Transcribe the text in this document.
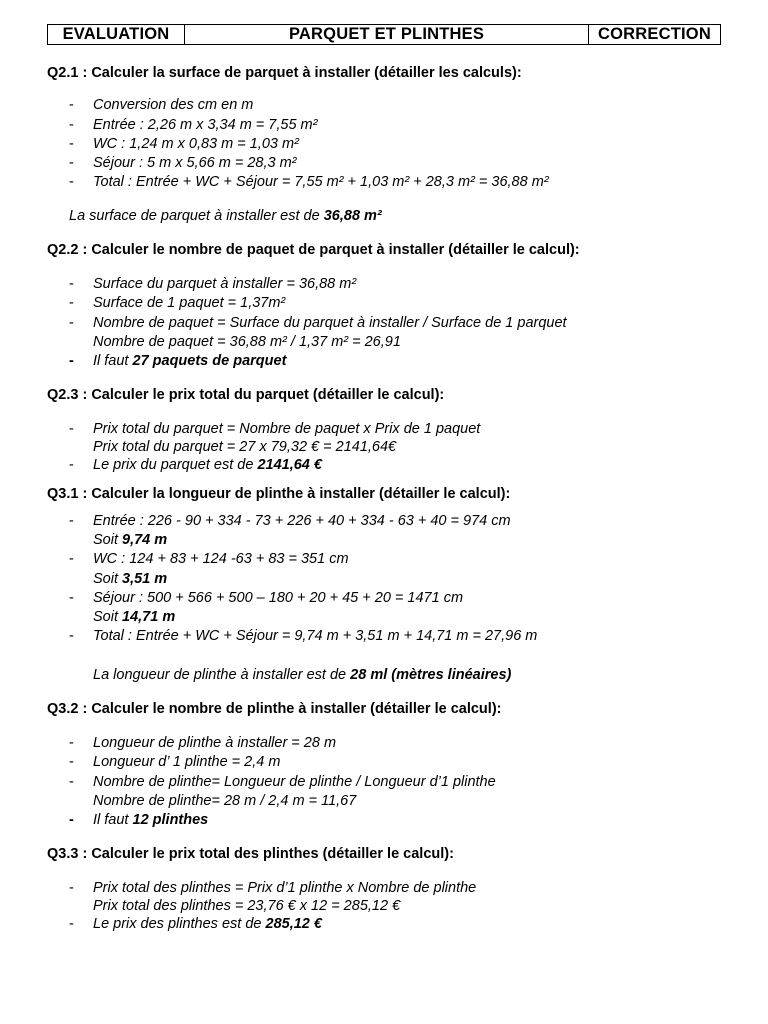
EVALUATION	PARQUET ET PLINTHES	CORRECTION
Q2.1 : Calculer la surface de parquet à installer (détailler les calculs):
- Conversion des cm en m
- Entrée : 2,26 m x 3,34 m = 7,55 m²
- WC : 1,24 m x 0,83 m = 1,03 m²
- Séjour : 5 m x 5,66 m = 28,3 m²
- Total : Entrée + WC + Séjour = 7,55 m² + 1,03 m² + 28,3 m² = 36,88 m²
La surface de parquet à installer est de 36,88 m²
Q2.2 : Calculer le nombre de paquet de parquet à installer (détailler le calcul):
- Surface du parquet à installer = 36,88 m²
- Surface de 1 paquet = 1,37m²
- Nombre de paquet = Surface du parquet à installer / Surface de 1 parquet
Nombre de paquet = 36,88 m² / 1,37 m² = 26,91
- Il faut 27 paquets de parquet
Q2.3 : Calculer le prix total du parquet (détailler le calcul):
- Prix total du parquet = Nombre de paquet x Prix de 1 paquet
Prix total du parquet = 27 x 79,32 € = 2141,64€
- Le prix du parquet est de 2141,64 €
Q3.1 : Calculer la longueur de plinthe à installer (détailler le calcul):
- Entrée : 226 - 90 + 334 - 73 + 226 + 40 + 334 - 63 + 40 = 974 cm
Soit 9,74 m
- WC : 124 + 83 + 124 -63 + 83 = 351 cm
Soit 3,51 m
- Séjour : 500 + 566 + 500 – 180 + 20 + 45 + 20 = 1471 cm
Soit 14,71 m
- Total : Entrée + WC + Séjour = 9,74 m + 3,51 m + 14,71 m = 27,96 m
La longueur de plinthe à installer est de 28 ml (mètres linéaires)
Q3.2 : Calculer le nombre de plinthe à installer (détailler le calcul):
- Longueur de plinthe à installer = 28 m
- Longueur d’ 1 plinthe = 2,4 m
- Nombre de plinthe= Longueur de plinthe / Longueur d’1 plinthe
Nombre de plinthe= 28 m / 2,4 m = 11,67
- Il faut 12 plinthes
Q3.3 : Calculer le prix total des plinthes (détailler le calcul):
- Prix total des plinthes = Prix d’1 plinthe x Nombre de plinthe
Prix total des plinthes = 23,76 € x 12 = 285,12 €
- Le prix des plinthes est de 285,12 €
